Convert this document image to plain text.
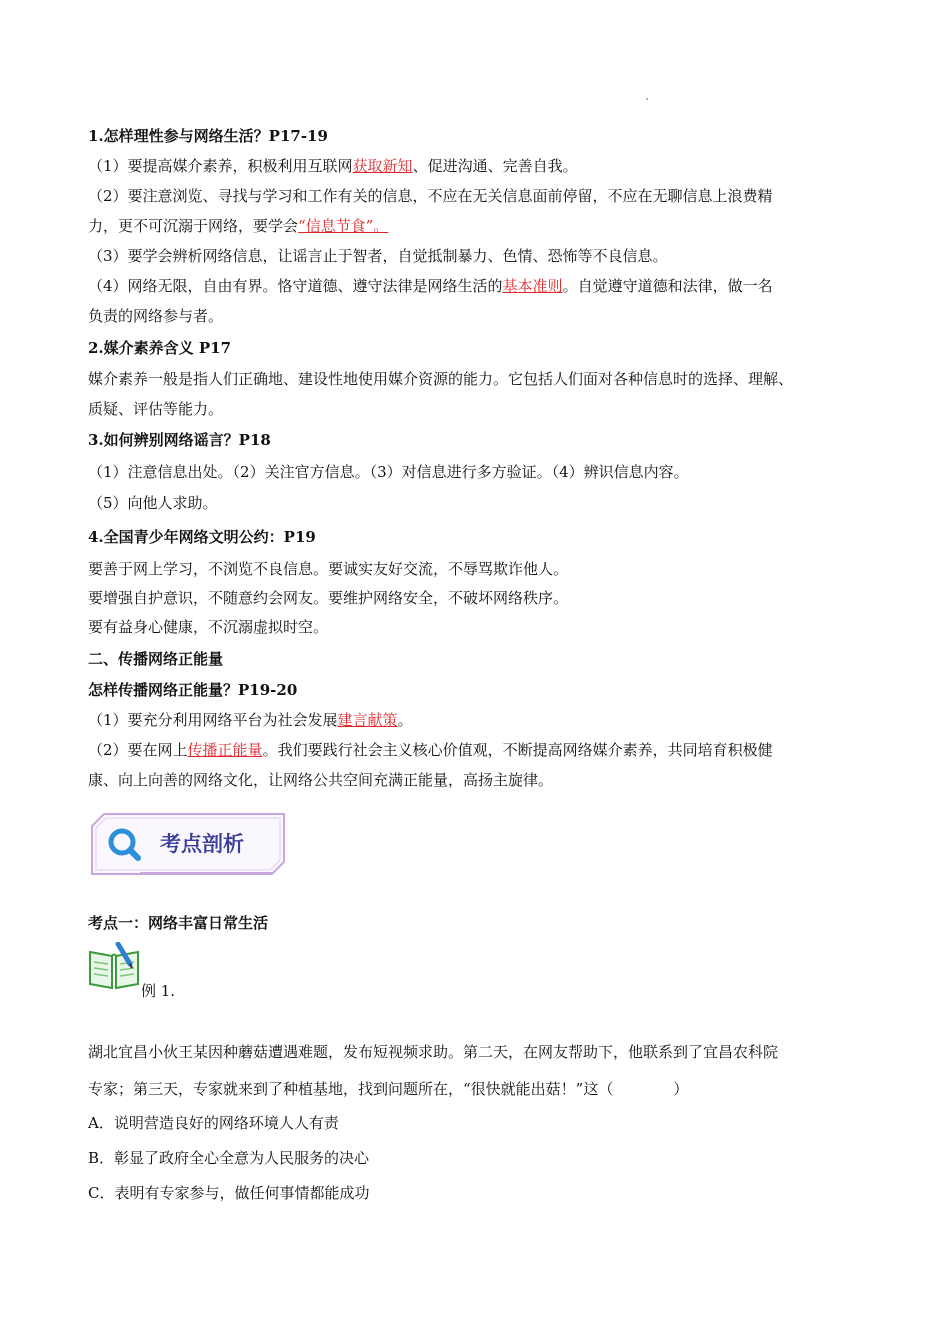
1.怎样理性参与网络生活？P17-19
（1）要提高媒介素养，积极利用互联网获取新知、促进沟通、完善自我。
（2）要注意浏览、寻找与学习和工作有关的信息，不应在无关信息面前停留，不应在无聊信息上浪费精
力，更不可沉溺于网络，要学会“信息节食”。
（3）要学会辨析网络信息，让谣言止于智者，自觉抵制暴力、色情、恐怖等不良信息。
（4）网络无限，自由有界。恪守道德、遵守法律是网络生活的基本准则。自觉遵守道德和法律，做一名
负责的网络参与者。
2.媒介素养含义 P17
媒介素养一般是指人们正确地、建设性地使用媒介资源的能力。它包括人们面对各种信息时的选择、理解、
质疑、评估等能力。
3.如何辨别网络谣言？P18
（1）注意信息出处。（2）关注官方信息。（3）对信息进行多方验证。（4）辨识信息内容。
（5）向他人求助。
4.全国青少年网络文明公约：P19
要善于网上学习，不浏览不良信息。要诚实友好交流，不辱骂欺诈他人。
要增强自护意识，不随意约会网友。要维护网络安全，不破坏网络秩序。
要有益身心健康，不沉溺虚拟时空。
二、传播网络正能量
怎样传播网络正能量？P19-20
（1）要充分利用网络平台为社会发展建言献策。
（2）要在网上传播正能量。我们要践行社会主义核心价值观，不断提高网络媒介素养，共同培育积极健
康、向上向善的网络文化，让网络公共空间充满正能量，高扬主旋律。
考点剖析
考点一：网络丰富日常生活
例 1.
湖北宜昌小伙王某因种蘑菇遭遇难题，发布短视频求助。第二天，在网友帮助下，他联系到了宜昌农科院
专家；第三天，专家就来到了种植基地，找到问题所在，“很快就能出菇！”这（　　　　）
A．说明营造良好的网络环境人人有责
B．彰显了政府全心全意为人民服务的决心
C．表明有专家参与，做任何事情都能成功
